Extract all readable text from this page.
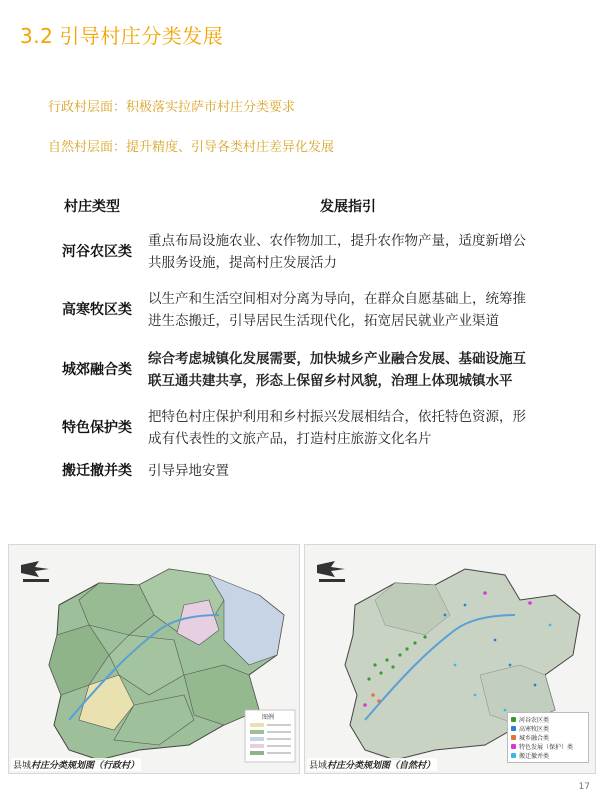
3.2 引导村庄分类发展
行政村层面：积极落实拉萨市村庄分类要求
自然村层面：提升精度、引导各类村庄差异化发展
村庄类型	发展指引
河谷农区类
重点布局设施农业、农作物加工，提升农作物产量，适度新增公
共服务设施，提高村庄发展活力
高寒牧区类
以生产和生活空间相对分离为导向，在群众自愿基础上，统筹推
进生态搬迁，引导居民生活现代化，拓宽居民就业产业渠道
城郊融合类
综合考虑城镇化发展需要，加快城乡产业融合发展、基础设施互
联互通共建共享，形态上保留乡村风貌，治理上体现城镇水平
特色保护类
把特色村庄保护利用和乡村振兴发展相结合，依托特色资源，形
成有代表性的文旅产品，打造村庄旅游文化名片
搬迁撤并类	引导异地安置
图例
县城村庄分类规划图（行政村）
河谷农区类
高寒牧区类
城乡融合类
特色发展（保护）类
搬迁撤并类
县域村庄分类规划图（自然村）
17
